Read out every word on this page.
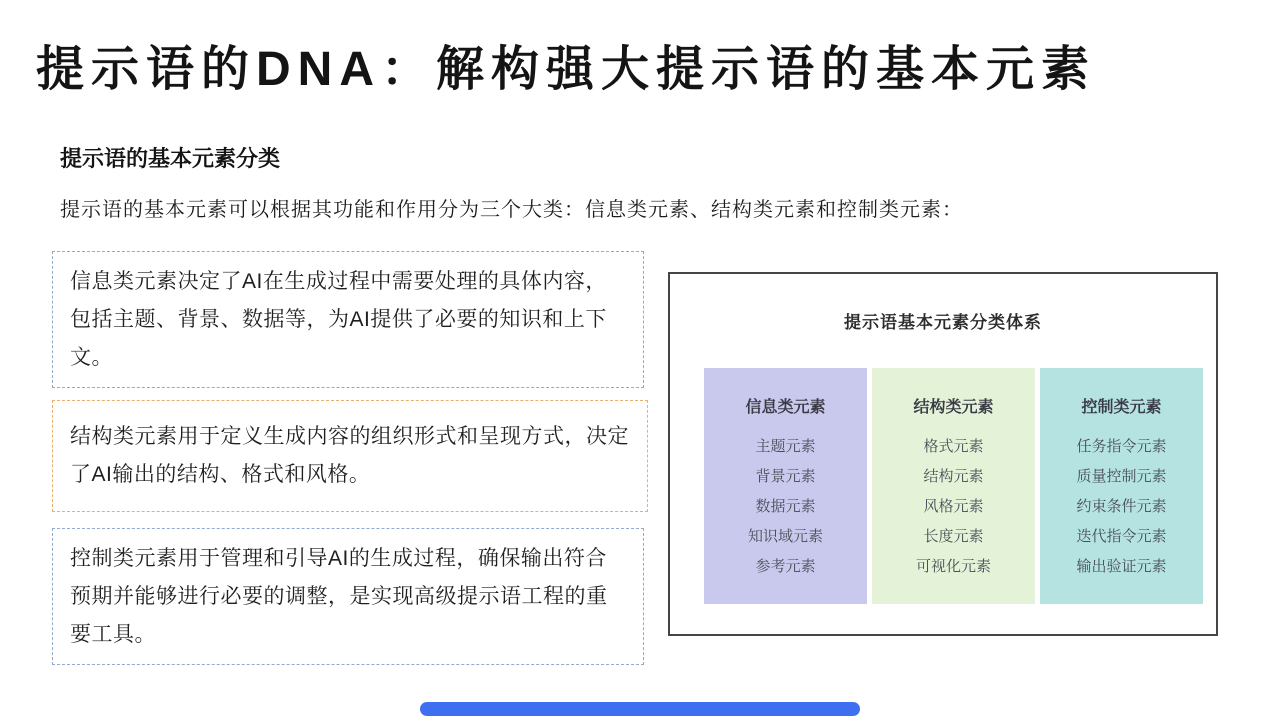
提示语的DNA：解构强大提示语的基本元素
提示语的基本元素分类

提示语的基本元素可以根据其功能和作用分为三个大类：信息类元素、结构类元素和控制类元素：

信息类元素决定了AI在生成过程中需要处理的具体内容，包括主题、背景、数据等，为AI提供了必要的知识和上下文。

结构类元素用于定义生成内容的组织形式和呈现方式，决定了AI输出的结构、格式和风格。

控制类元素用于管理和引导AI的生成过程，确保输出符合预期并能够进行必要的调整，是实现高级提示语工程的重要工具。

提示语基本元素分类体系
信息类元素
主题元素
背景元素
数据元素
知识域元素
参考元素
结构类元素
格式元素
结构元素
风格元素
长度元素
可视化元素
控制类元素
任务指令元素
质量控制元素
约束条件元素
迭代指令元素
输出验证元素
